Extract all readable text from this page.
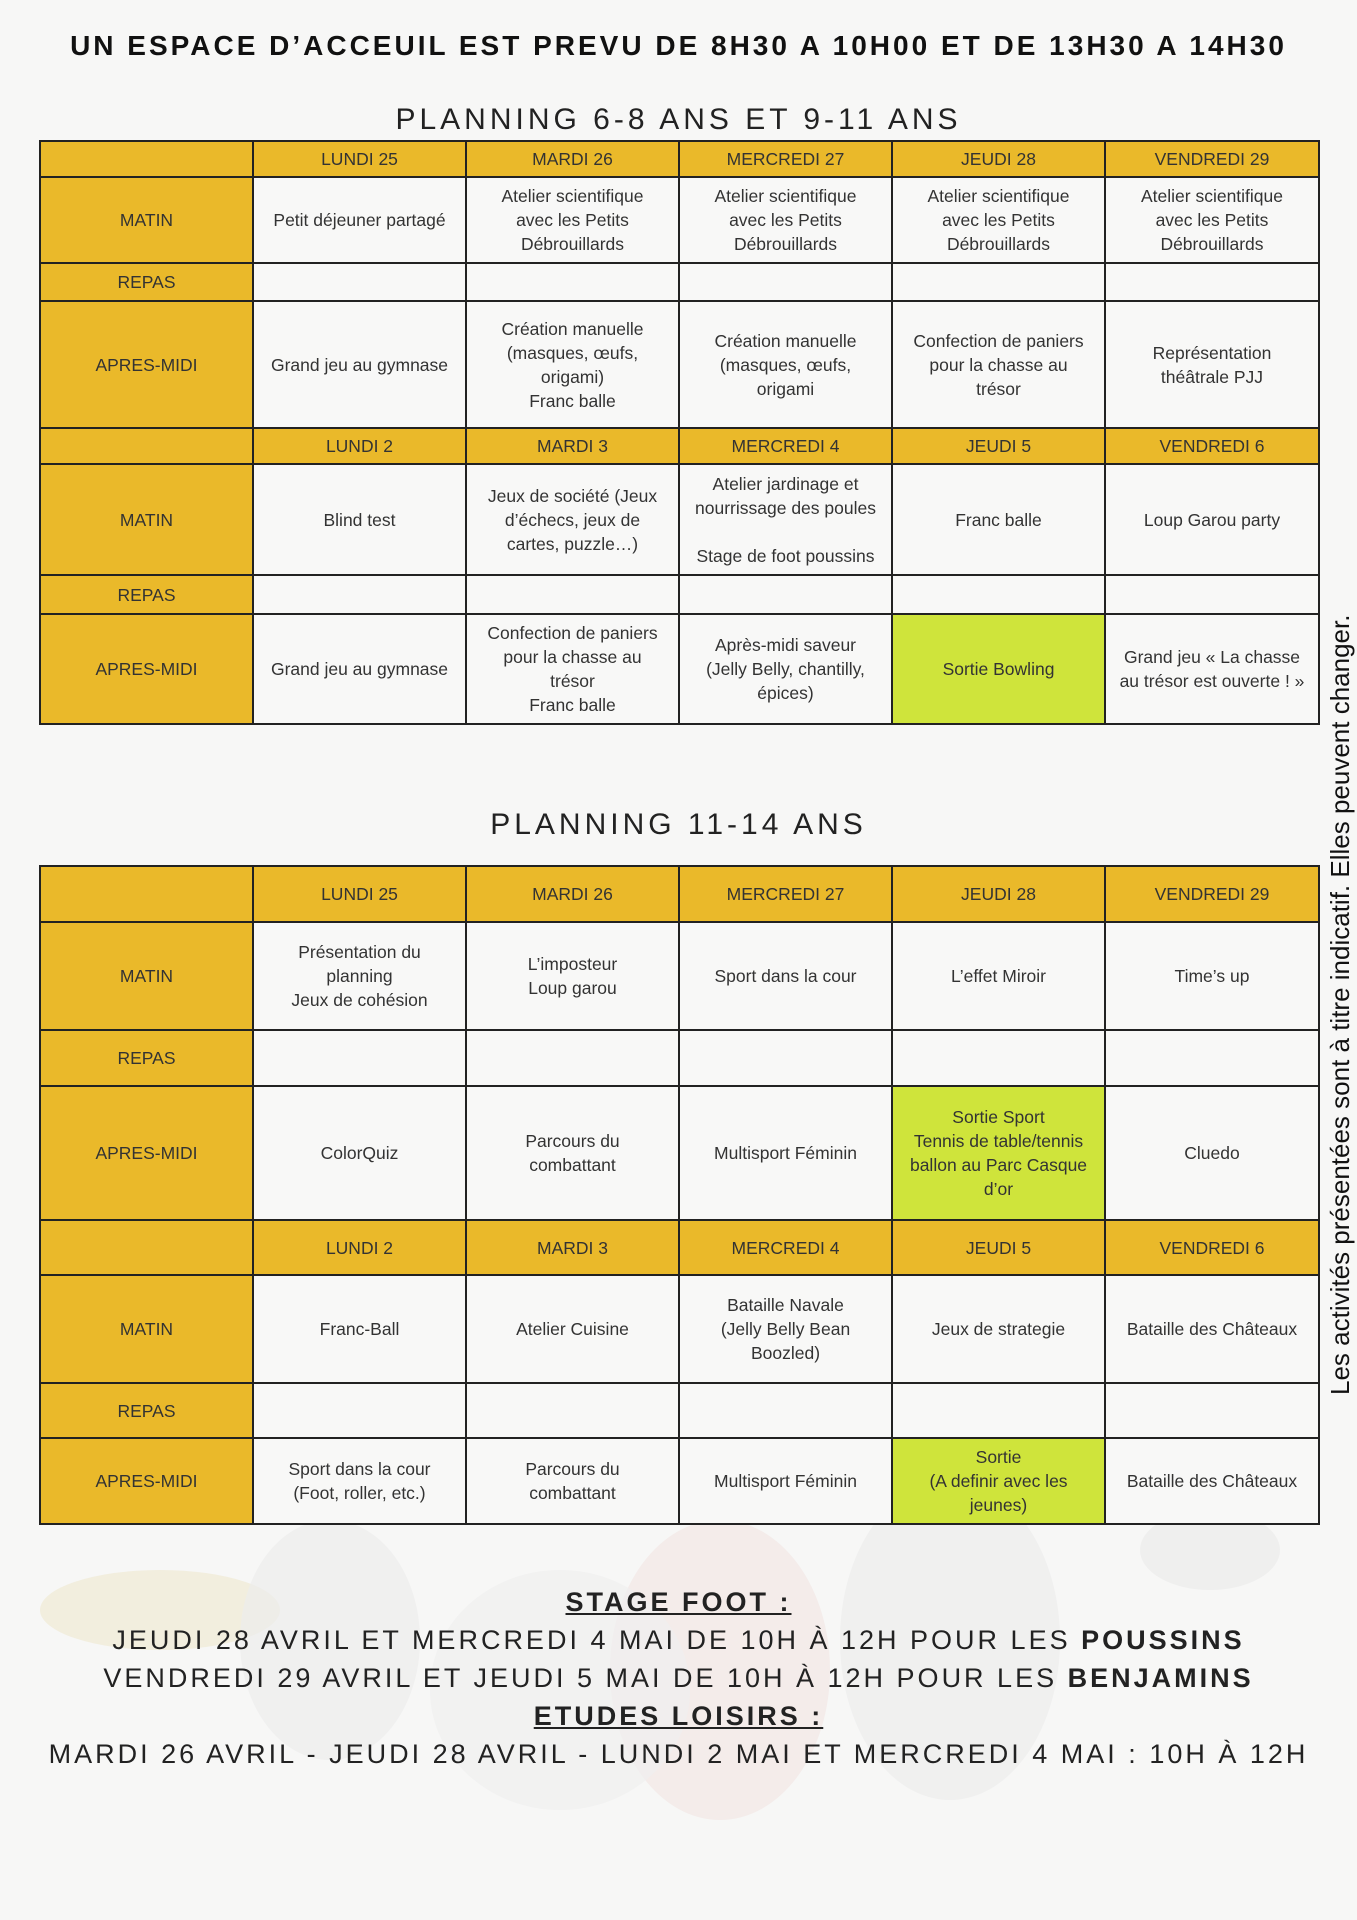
UN ESPACE D’ACCEUIL EST PREVU DE 8H30 A 10H00 ET DE 13H30 A 14H30
PLANNING 6-8 ANS ET 9-11 ANS
	LUNDI 25	MARDI 26	MERCREDI 27	JEUDI 28	VENDREDI 29
MATIN	Petit déjeuner partagé	Atelier scientifique
avec les Petits
Débrouillards	Atelier scientifique
avec les Petits
Débrouillards	Atelier scientifique
avec les Petits
Débrouillards	Atelier scientifique
avec les Petits
Débrouillards
REPAS					
APRES-MIDI	Grand jeu au gymnase	Création manuelle
(masques, œufs,
origami)
Franc balle	Création manuelle
(masques, œufs,
origami	Confection de paniers
pour la chasse au
trésor	Représentation
théâtrale PJJ
	LUNDI 2	MARDI 3	MERCREDI 4	JEUDI 5	VENDREDI 6
MATIN	Blind test	Jeux de société (Jeux
d’échecs, jeux de
cartes, puzzle…)	Atelier jardinage et
nourrissage des poules

Stage de foot poussins	Franc balle	Loup Garou party
REPAS					
APRES-MIDI	Grand jeu au gymnase	Confection de paniers
pour la chasse au
trésor
Franc balle	Après-midi saveur
(Jelly Belly, chantilly,
épices)	Sortie Bowling	Grand jeu « La chasse
au trésor est ouverte ! »
PLANNING 11-14 ANS
	LUNDI 25	MARDI 26	MERCREDI 27	JEUDI 28	VENDREDI 29
MATIN	Présentation du
planning
Jeux de cohésion	L’imposteur
Loup garou	Sport dans la cour	L’effet Miroir	Time’s up
REPAS					
APRES-MIDI	ColorQuiz	Parcours du
combattant	Multisport Féminin	Sortie Sport
Tennis de table/tennis
ballon au Parc Casque
d’or	Cluedo
	LUNDI 2	MARDI 3	MERCREDI 4	JEUDI 5	VENDREDI 6
MATIN	Franc-Ball	Atelier Cuisine	Bataille Navale
(Jelly Belly Bean
Boozled)	Jeux de strategie	Bataille des Châteaux
REPAS					
APRES-MIDI	Sport dans la cour
(Foot, roller, etc.)	Parcours du
combattant	Multisport Féminin	Sortie
(A definir avec les
jeunes)	Bataille des Châteaux
Les activités présentées sont à titre indicatif. Elles peuvent changer.
STAGE FOOT :
JEUDI 28 AVRIL ET MERCREDI 4 MAI DE 10H À 12H POUR LES POUSSINS
VENDREDI 29 AVRIL ET JEUDI 5 MAI DE 10H À 12H POUR LES BENJAMINS
ETUDES LOISIRS :
MARDI 26 AVRIL - JEUDI 28 AVRIL - LUNDI 2 MAI ET MERCREDI 4 MAI : 10H À 12H
